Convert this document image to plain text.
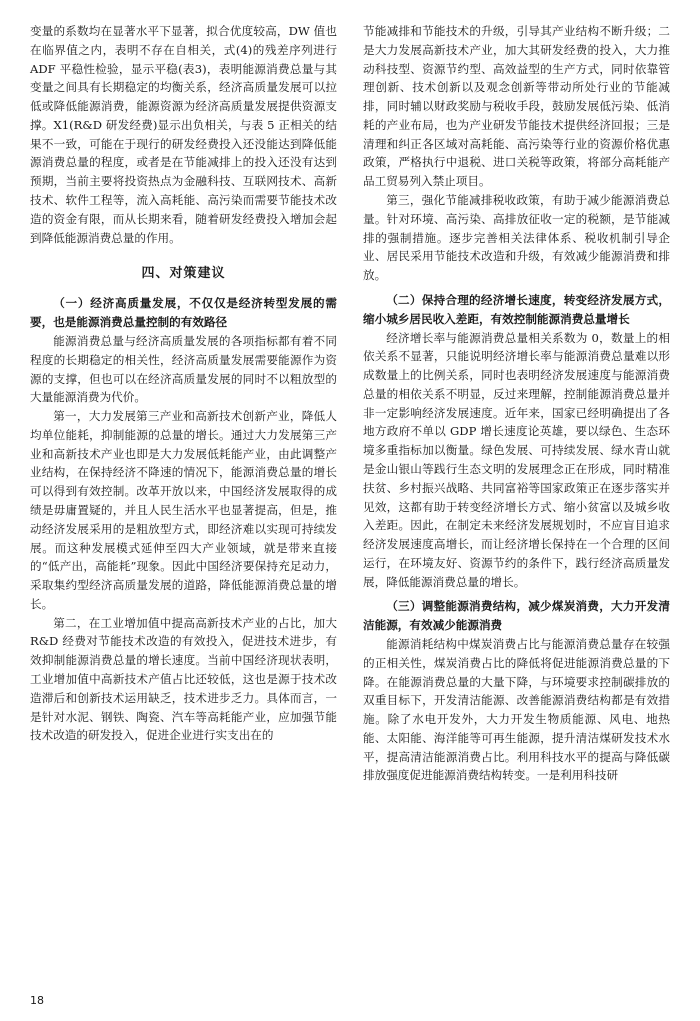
变量的系数均在显著水平下显著，拟合优度较高，DW 值也在临界值之内，表明不存在自相关，式(4)的残差序列进行 ADF 平稳性检验，显示平稳(表3)，表明能源消费总量与其变量之间具有长期稳定的均衡关系，经济高质量发展可以拉低或降低能源消费，能源资源为经济高质量发展提供资源支撑。X1(R&D 研发经费)显示出负相关，与表 5 正相关的结果不一致，可能在于现行的研发经费投入还没能达到降低能源消费总量的程度，或者是在节能减排上的投入还没有达到预期，当前主要将投资热点为金融科技、互联网技术、高新技术、软件工程等，流入高耗能、高污染而需要节能技术改造的资金有限，而从长期来看，随着研发经费投入增加会起到降低能源消费总量的作用。

四、对策建议

（一）经济高质量发展，不仅仅是经济转型发展的需要，也是能源消费总量控制的有效路径

能源消费总量与经济高质量发展的各项指标都有着不同程度的长期稳定的相关性，经济高质量发展需要能源作为资源的支撑，但也可以在经济高质量发展的同时不以粗放型的大量能源消费为代价。

第一，大力发展第三产业和高新技术创新产业，降低人均单位能耗，抑制能源的总量的增长。通过大力发展第三产业和高新技术产业也即是大力发展低耗能产业，由此调整产业结构，在保持经济不降速的情况下，能源消费总量的增长可以得到有效控制。改革开放以来，中国经济发展取得的成绩是毋庸置疑的，并且人民生活水平也显著提高，但是，推动经济发展采用的是粗放型方式，即经济难以实现可持续发展。而这种发展模式延伸至四大产业领域，就是带来直接的“低产出，高能耗”现象。因此中国经济要保持充足动力，采取集约型经济高质量发展的道路，降低能源消费总量的增长。

第二，在工业增加值中提高高新技术产业的占比，加大 R&D 经费对节能技术改造的有效投入，促进技术进步，有效抑制能源消费总量的增长速度。当前中国经济现状表明，工业增加值中高新技术产值占比还较低，这也是源于技术改造滞后和创新技术运用缺乏，技术进步乏力。具体而言，一是针对水泥、钢铁、陶瓷、汽车等高耗能产业，应加强节能技术改造的研发投入，促进企业进行实支出在的

节能减排和节能技术的升级，引导其产业结构不断升级；二是大力发展高新技术产业，加大其研发经费的投入，大力推动科技型、资源节约型、高效益型的生产方式，同时依靠管理创新、技术创新以及观念创新等带动所处行业的节能减排，同时辅以财政奖励与税收手段，鼓励发展低污染、低消耗的产业布局，也为产业研发节能技术提供经济回报；三是清理和纠正各区域对高耗能、高污染等行业的资源价格优惠政策，严格执行中退税、进口关税等政策，将部分高耗能产品工贸易列入禁止项目。

第三，强化节能减排税收政策，有助于减少能源消费总量。针对环境、高污染、高排放征收一定的税额，是节能减排的强制措施。逐步完善相关法律体系、税收机制引导企业、居民采用节能技术改造和升级，有效减少能源消费和排放。

（二）保持合理的经济增长速度，转变经济发展方式，缩小城乡居民收入差距，有效控制能源消费总量增长

经济增长率与能源消费总量相关系数为 0，数量上的相依关系不显著，只能说明经济增长率与能源消费总量难以形成数量上的比例关系，同时也表明经济发展速度与能源消费总量的相依关系不明显，反过来理解，控制能源消费总量并非一定影响经济发展速度。近年来，国家已经明确提出了各地方政府不单以 GDP 增长速度论英雄，要以绿色、生态环境多重指标加以衡量。绿色发展、可持续发展、绿水青山就是金山银山等践行生态文明的发展理念正在形成，同时精准扶贫、乡村振兴战略、共同富裕等国家政策正在逐步落实并见效，这都有助于转变经济增长方式、缩小贫富以及城乡收入差距。因此，在制定未来经济发展规划时，不应盲目追求经济发展速度高增长，而让经济增长保持在一个合理的区间运行，在环境友好、资源节约的条件下，践行经济高质量发展，降低能源消费总量的增长。

（三）调整能源消费结构，减少煤炭消费，大力开发清洁能源，有效减少能源消费

能源消耗结构中煤炭消费占比与能源消费总量存在较强的正相关性，煤炭消费占比的降低将促进能源消费总量的下降。在能源消费总量的大量下降，与环境要求控制碳排放的双重目标下，开发清洁能源、改善能源消费结构都是有效措施。除了水电开发外，大力开发生物质能源、风电、地热能、太阳能、海洋能等可再生能源，提升清洁煤研发技术水平，提高清洁能源消费占比。利用科技水平的提高与降低碳排放强度促进能源消费结构转变。一是利用科技研

18
